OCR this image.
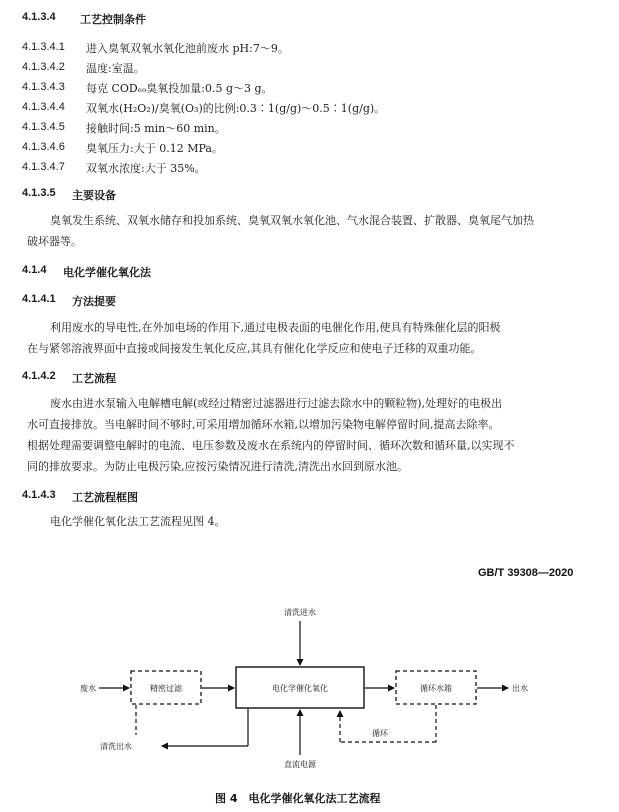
4.1.3.4 工艺控制条件
4.1.3.4.1 进入臭氧双氧水氧化池前废水 pH:7～9。
4.1.3.4.2 温度:室温。
4.1.3.4.3 每克 CODₑₒ臭氧投加量:0.5 g～3 g。
4.1.3.4.4 双氧水(H₂O₂)/臭氧(O₃)的比例:0.3∶1(g/g)～0.5∶1(g/g)。
4.1.3.4.5 接触时间:5 min～60 min。
4.1.3.4.6 臭氧压力:大于 0.12 MPa。
4.1.3.4.7 双氧水浓度:大于 35%。
4.1.3.5 主要设备
臭氧发生系统、双氧水储存和投加系统、臭氧双氧水氧化池、气水混合装置、扩散器、臭氧尾气加热
破坏器等。
4.1.4 电化学催化氧化法
4.1.4.1 方法提要
利用废水的导电性,在外加电场的作用下,通过电极表面的电催化作用,使具有特殊催化层的阳极
在与紧邻溶液界面中直接或间接发生氧化反应,其具有催化化学反应和使电子迁移的双重功能。
4.1.4.2 工艺流程
废水由进水泵输入电解槽电解(或经过精密过滤器进行过滤去除水中的颗粒物),处理好的电极出
水可直接排放。当电解时间不够时,可采用增加循环水箱,以增加污染物电解停留时间,提高去除率。
根据处理需要调整电解时的电流、电压参数及废水在系统内的停留时间、循环次数和循环量,以实现不
同的排放要求。为防止电极污染,应按污染情况进行清洗,清洗出水回到原水池。
4.1.4.3 工艺流程框图
电化学催化氧化法工艺流程见图 4。
GB/T 39308—2020
精密过滤	电化学催化氧化	循环水箱
废水	出水
清洗进水
直流电源
清洗出水
循环
图 4　电化学催化氧化法工艺流程
